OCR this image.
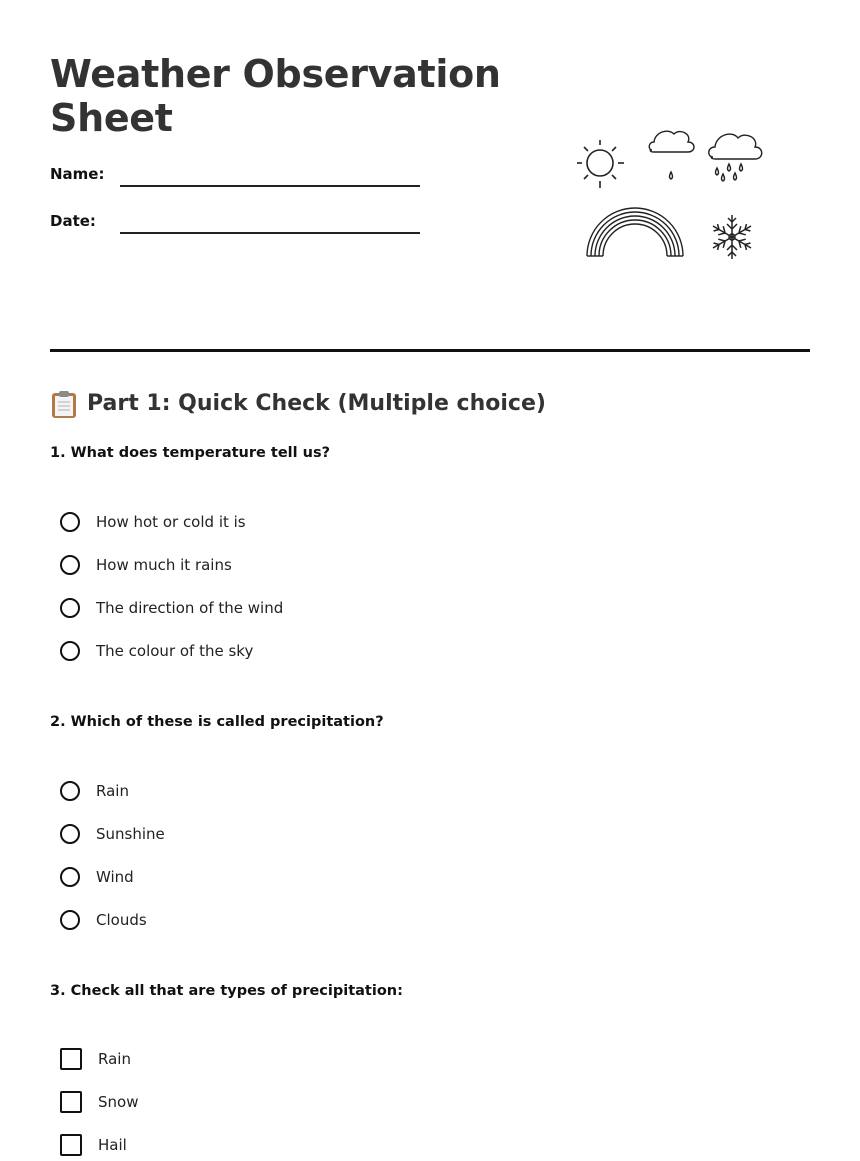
Weather Observation
Sheet
Name:
Date:
Part 1: Quick Check (Multiple choice)

1. What does temperature tell us?

How hot or cold it is
How much it rains
The direction of the wind
The colour of the sky

2. Which of these is called precipitation?

Rain
Sunshine
Wind
Clouds

3. Check all that are types of precipitation:

Rain
Snow
Hail
